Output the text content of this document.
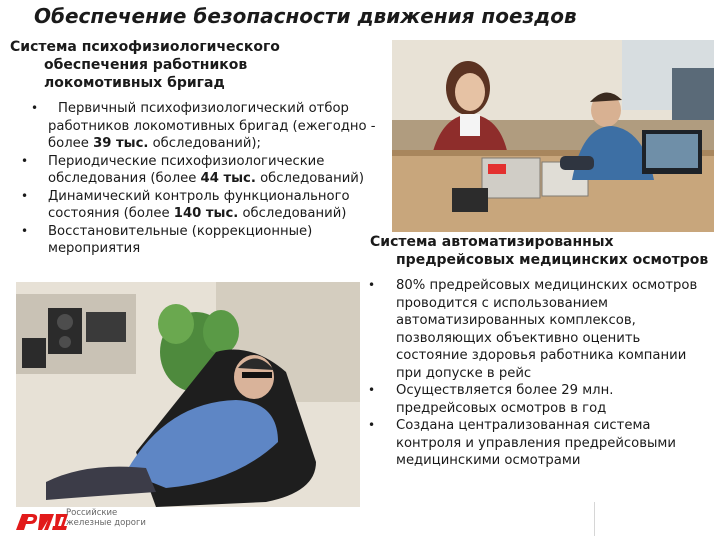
Обеспечение безопасности движения поездов
Система психофизиологического
обеспечения работников
локомотивных бригад
• Первичный психофизиологический отбор работников локомотивных бригад (ежегодно - более 39 тыс. обследований);
• Периодические психофизиологические обследования (более 44 тыс. обследований)
• Динамический контроль функционального состояния (более 140 тыс. обследований)
• Восстановительные (коррекционные) мероприятия	Система автоматизированных
предрейсовых медицинских осмотров
• 80% предрейсовых медицинских осмотров проводится с использованием автоматизированных комплексов, позволяющих объективно оценить состояние здоровья работника компании при допуске в рейс
• Осуществляется более 29 млн. предрейсовых осмотров в год
• Создана централизованная система контроля и управления предрейсовыми медицинскими осмотрами
Российские
железные дороги
